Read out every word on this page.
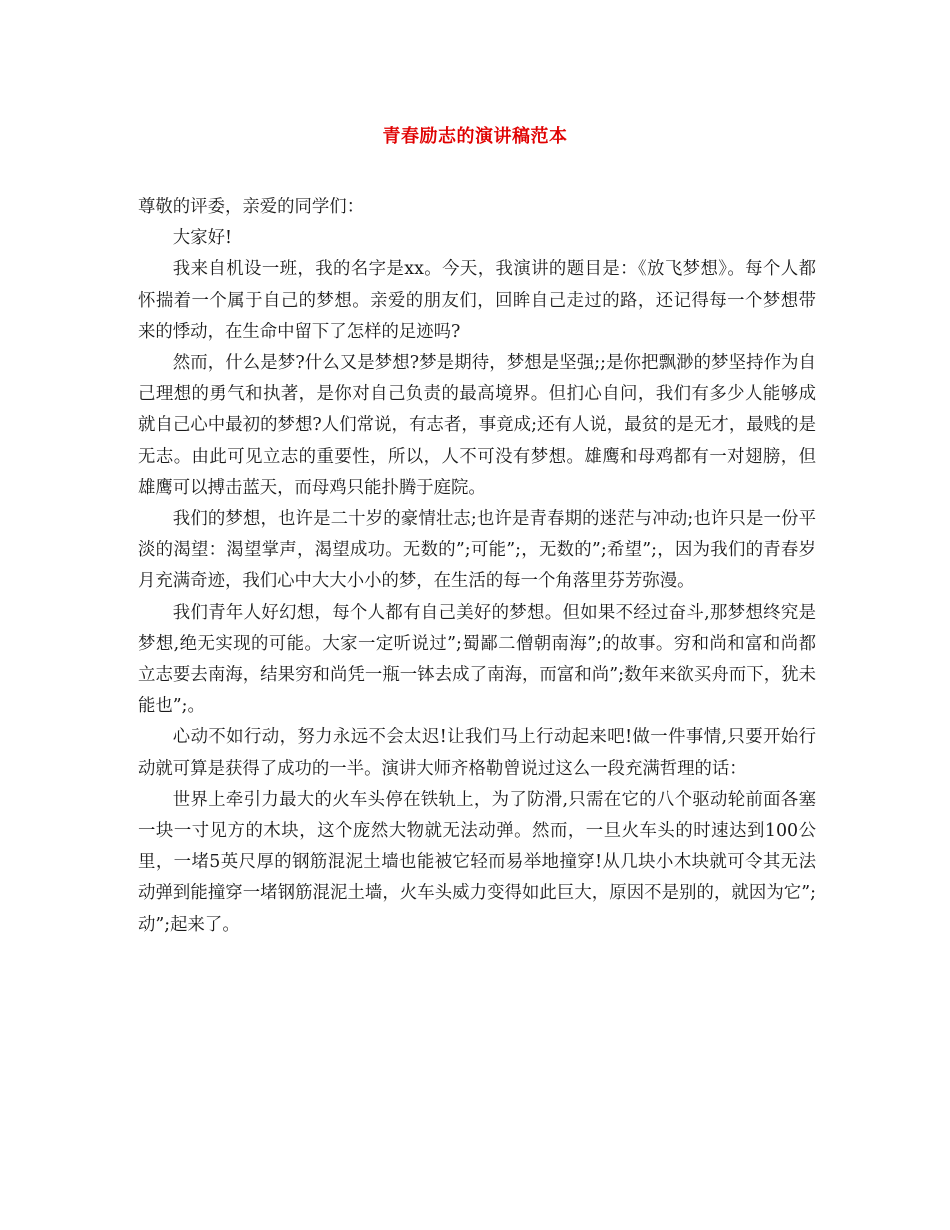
青春励志的演讲稿范本

尊敬的评委，亲爱的同学们：

大家好!

我来自机设一班，我的名字是xx。今天，我演讲的题目是：《放飞梦想》。每个人都怀揣着一个属于自己的梦想。亲爱的朋友们，回眸自己走过的路，还记得每一个梦想带来的悸动，在生命中留下了怎样的足迹吗?

然而，什么是梦?什么又是梦想?梦是期待，梦想是坚强;;是你把飘渺的梦坚持作为自己理想的勇气和执著，是你对自己负责的最高境界。但扪心自问，我们有多少人能够成就自己心中最初的梦想?人们常说，有志者，事竟成;还有人说，最贫的是无才，最贱的是无志。由此可见立志的重要性，所以，人不可没有梦想。雄鹰和母鸡都有一对翅膀，但雄鹰可以搏击蓝天，而母鸡只能扑腾于庭院。

我们的梦想，也许是二十岁的豪情壮志;也许是青春期的迷茫与冲动;也许只是一份平淡的渴望：渴望掌声，渴望成功。无数的”;可能”;，无数的”;希望”;，因为我们的青春岁月充满奇迹，我们心中大大小小的梦，在生活的每一个角落里芬芳弥漫。

我们青年人好幻想，每个人都有自己美好的梦想。但如果不经过奋斗,那梦想终究是梦想,绝无实现的可能。大家一定听说过”;蜀鄙二僧朝南海”;的故事。穷和尚和富和尚都立志要去南海，结果穷和尚凭一瓶一钵去成了南海，而富和尚”;数年来欲买舟而下，犹未能也”;。

心动不如行动，努力永远不会太迟!让我们马上行动起来吧!做一件事情,只要开始行动就可算是获得了成功的一半。演讲大师齐格勒曾说过这么一段充满哲理的话：

世界上牵引力最大的火车头停在铁轨上，为了防滑,只需在它的八个驱动轮前面各塞一块一寸见方的木块，这个庞然大物就无法动弹。然而，一旦火车头的时速达到100公里，一堵5英尺厚的钢筋混泥土墙也能被它轻而易举地撞穿!从几块小木块就可令其无法动弹到能撞穿一堵钢筋混泥土墙，火车头威力变得如此巨大，原因不是别的，就因为它”;动”;起来了。
